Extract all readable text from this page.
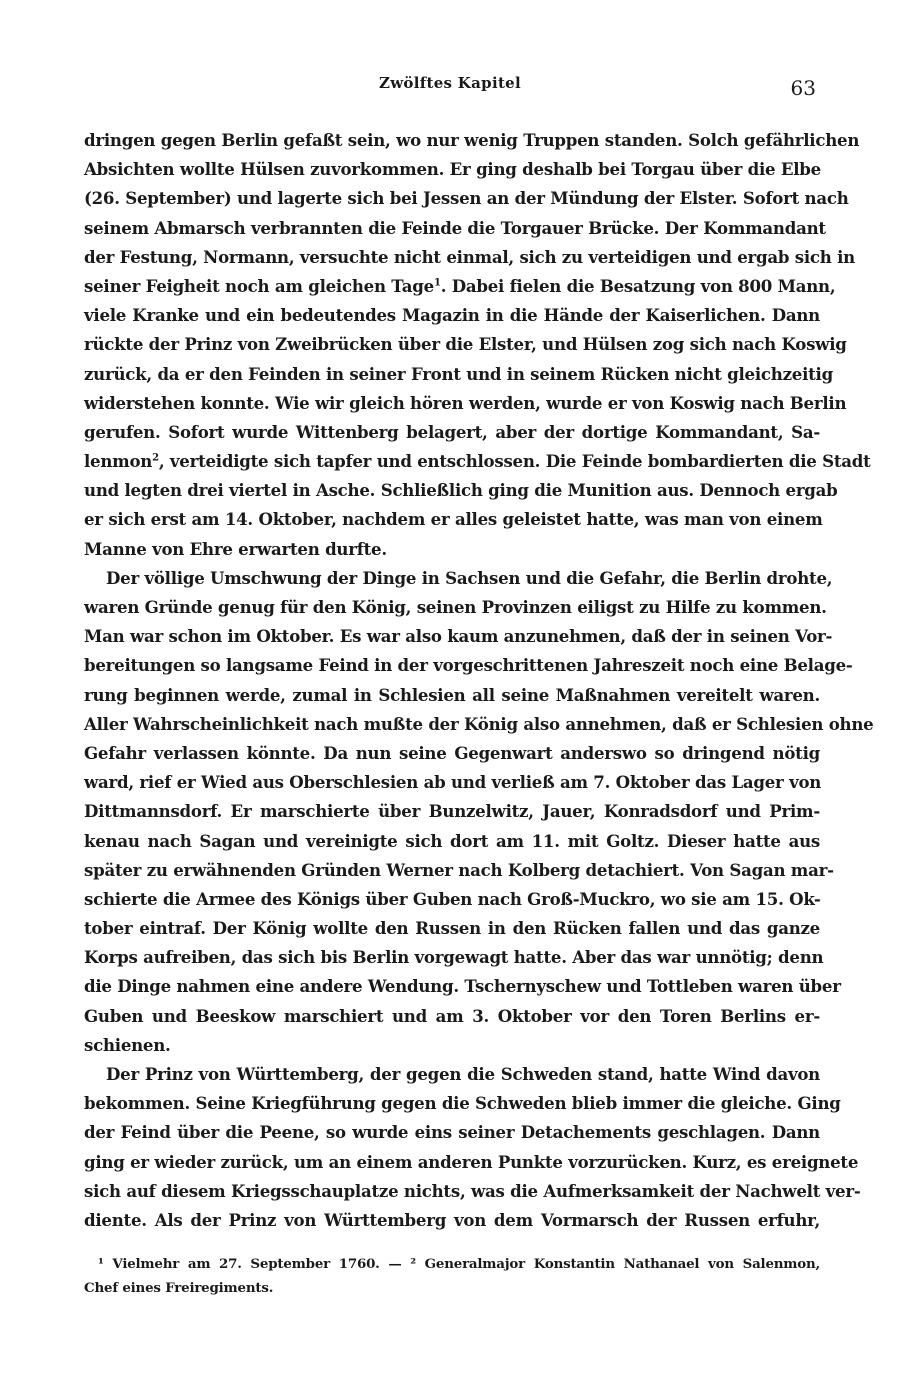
Zwölftes Kapitel	63
dringen gegen Berlin gefaßt sein, wo nur wenig Truppen standen. Solch gefährlichen
Absichten wollte Hülsen zuvorkommen. Er ging deshalb bei Torgau über die Elbe
(26. September) und lagerte sich bei Jessen an der Mündung der Elster. Sofort nach
seinem Abmarsch verbrannten die Feinde die Torgauer Brücke. Der Kommandant
der Festung, Normann, versuchte nicht einmal, sich zu verteidigen und ergab sich in
seiner Feigheit noch am gleichen Tage$^1$. Dabei fielen die Besatzung von 800 Mann,
viele Kranke und ein bedeutendes Magazin in die Hände der Kaiserlichen. Dann
rückte der Prinz von Zweibrücken über die Elster, und Hülsen zog sich nach Koswig
zurück, da er den Feinden in seiner Front und in seinem Rücken nicht gleichzeitig
widerstehen konnte. Wie wir gleich hören werden, wurde er von Koswig nach Berlin
gerufen. Sofort wurde Wittenberg belagert, aber der dortige Kommandant, Sa-
lenmon$^2$, verteidigte sich tapfer und entschlossen. Die Feinde bombardierten die Stadt
und legten drei viertel in Asche. Schließlich ging die Munition aus. Dennoch ergab
er sich erst am 14. Oktober, nachdem er alles geleistet hatte, was man von einem
Manne von Ehre erwarten durfte.
Der völlige Umschwung der Dinge in Sachsen und die Gefahr, die Berlin drohte,
waren Gründe genug für den König, seinen Provinzen eiligst zu Hilfe zu kommen.
Man war schon im Oktober. Es war also kaum anzunehmen, daß der in seinen Vor-
bereitungen so langsame Feind in der vorgeschrittenen Jahreszeit noch eine Belage-
rung beginnen werde, zumal in Schlesien all seine Maßnahmen vereitelt waren.
Aller Wahrscheinlichkeit nach mußte der König also annehmen, daß er Schlesien ohne
Gefahr verlassen könnte. Da nun seine Gegenwart anderswo so dringend nötig
ward, rief er Wied aus Oberschlesien ab und verließ am 7. Oktober das Lager von
Dittmannsdorf. Er marschierte über Bunzelwitz, Jauer, Konradsdorf und Prim-
kenau nach Sagan und vereinigte sich dort am 11. mit Goltz. Dieser hatte aus
später zu erwähnenden Gründen Werner nach Kolberg detachiert. Von Sagan mar-
schierte die Armee des Königs über Guben nach Groß-Muckro, wo sie am 15. Ok-
tober eintraf. Der König wollte den Russen in den Rücken fallen und das ganze
Korps aufreiben, das sich bis Berlin vorgewagt hatte. Aber das war unnötig; denn
die Dinge nahmen eine andere Wendung. Tschernyschew und Tottleben waren über
Guben und Beeskow marschiert und am 3. Oktober vor den Toren Berlins er-
schienen.
Der Prinz von Württemberg, der gegen die Schweden stand, hatte Wind davon
bekommen. Seine Kriegführung gegen die Schweden blieb immer die gleiche. Ging
der Feind über die Peene, so wurde eins seiner Detachements geschlagen. Dann
ging er wieder zurück, um an einem anderen Punkte vorzurücken. Kurz, es ereignete
sich auf diesem Kriegsschauplatze nichts, was die Aufmerksamkeit der Nachwelt ver-
diente. Als der Prinz von Württemberg von dem Vormarsch der Russen erfuhr,
¹ Vielmehr am 27. September 1760. — ² Generalmajor Konstantin Nathanael von Salenmon,
Chef eines Freiregiments.
